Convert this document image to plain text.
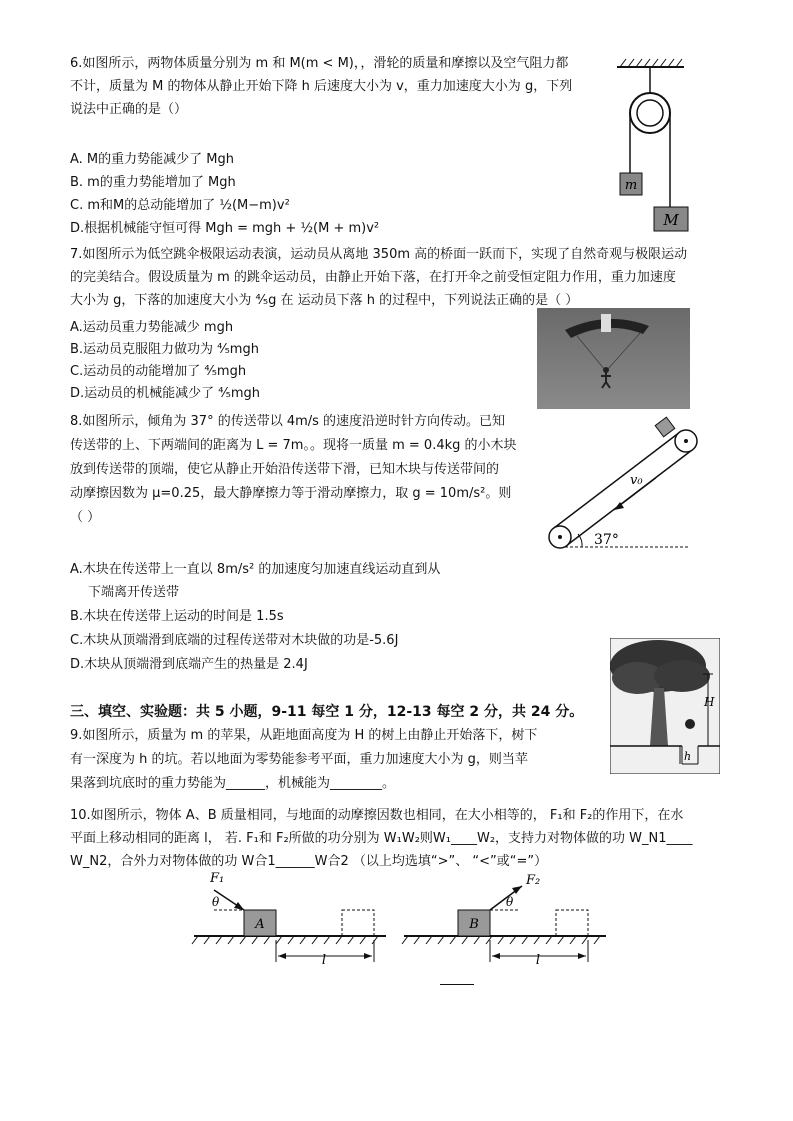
6.如图所示，两物体质量分别为 m 和 M(m < M)，，滑轮的质量和摩擦以及空气阻力都
不计，质量为 M 的物体从静止开始下降 h 后速度大小为 v，重力加速度大小为 g，下列
说法中正确的是（）
A. M的重力势能减少了 Mgh
B. m的重力势能增加了 Mgh
C. m和M的总动能增加了 ½(M−m)v²
D.根据机械能守恒可得 Mgh = mgh + ½(M + m)v²
m
M
7.如图所示为低空跳伞极限运动表演，运动员从离地 350m 高的桥面一跃而下，实现了自然奇观与极限运动
的完美结合。假设质量为 m 的跳伞运动员，由静止开始下落，在打开伞之前受恒定阻力作用，重力加速度
大小为 g，下落的加速度大小为 ⁴⁄₅g 在 运动员下落 h 的过程中，下列说法正确的是（ ）
A.运动员重力势能减少 mgh
B.运动员克服阻力做功为 ⁴⁄₅mgh
C.运动员的动能增加了 ⁴⁄₅mgh
D.运动员的机械能减少了 ⁴⁄₅mgh
8.如图所示，倾角为 37° 的传送带以 4m/s 的速度沿逆时针方向传动。已知
传送带的上、下两端间的距离为 L = 7m。。现将一质量 m = 0.4kg 的小木块
放到传送带的顶端，使它从静止开始沿传送带下滑，已知木块与传送带间的
动摩擦因数为 μ=0.25，最大静摩擦力等于滑动摩擦力，取 g = 10m/s²。则
（ ）
A.木块在传送带上一直以 8m/s² 的加速度匀加速直线运动直到从
下端离开传送带
B.木块在传送带上运动的时间是 1.5s
C.木块从顶端滑到底端的过程传送带对木块做的功是-5.6J
D.木块从顶端滑到底端产生的热量是 2.4J
v₀
37°
三、填空、实验题：共 5 小题，9-11 每空 1 分，12-13 每空 2 分，共 24 分。
9.如图所示，质量为 m 的苹果，从距地面高度为 H 的树上由静止开始落下，树下
有一深度为 h 的坑。若以地面为零势能参考平面，重力加速度大小为 g，则当苹
果落到坑底时的重力势能为______，机械能为________。
H
h
10.如图所示，物体 A、B 质量相同，与地面的动摩擦因数也相同，在大小相等的， F₁和 F₂的作用下，在水
平面上移动相同的距离 l， 若. F₁和 F₂所做的功分别为 W₁W₂则W₁____W₂，支持力对物体做的功 W_N1____
W_N2，合外力对物体做的功 W合1______W合2 （以上均选填“>”、 “<”或“=”）
A
F₁
θ
l
B
F₂
θ
l
